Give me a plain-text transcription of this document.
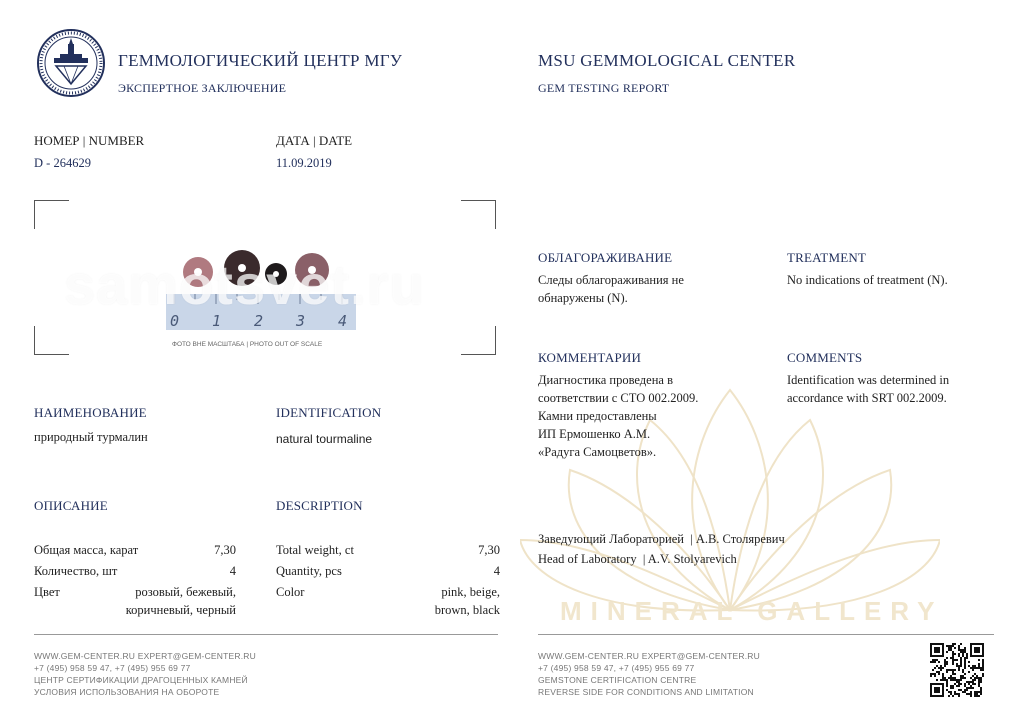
MINERAL GALLERY
ГЕММОЛОГИЧЕСКИЙ ЦЕНТР МГУ
ЭКСПЕРТНОЕ ЗАКЛЮЧЕНИЕ
MSU GEMMOLOGICAL CENTER
GEM TESTING REPORT
НОМЕР | NUMBER
D - 264629
ДАТА | DATE
11.09.2019
0 1 2 3 4
samotsvet.ru
ФОТО ВНЕ МАСШТАБА | PHOTO OUT OF SCALE
НАИМЕНОВАНИЕ
природный турмалин
IDENTIFICATION
natural tourmaline
ОПИСАНИЕ	DESCRIPTION
Общая масса, карат	7,30
Количество, шт	4
Цвет	розовый, бежевый,
коричневый, черный
Total weight, ct	7,30
Quantity, pcs	4
Color	pink, beige,
brown, black
ОБЛАГОРАЖИВАНИЕ
Следы облагораживания не
обнаружены (N).
TREATMENT
No indications of treatment (N).
КОММЕНТАРИИ
Диагностика проведена в
соответствии с СТО 002.2009.
Камни предоставлены
ИП Ермошенко А.М.
«Радуга Самоцветов».
COMMENTS
Identification was determined in
accordance with SRT 002.2009.
Заведующий Лабораторией  | А.В. Столяревич
Head of Laboratory  | A.V. Stolyarevich
WWW.GEM-CENTER.RU EXPERT@GEM-CENTER.RU
+7 (495) 958 59 47, +7 (495) 955 69 77
ЦЕНТР СЕРТИФИКАЦИИ ДРАГОЦЕННЫХ КАМНЕЙ
УСЛОВИЯ ИСПОЛЬЗОВАНИЯ НА ОБОРОТЕ
WWW.GEM-CENTER.RU EXPERT@GEM-CENTER.RU
+7 (495) 958 59 47, +7 (495) 955 69 77
GEMSTONE CERTIFICATION CENTRE
REVERSE SIDE FOR CONDITIONS AND LIMITATION
